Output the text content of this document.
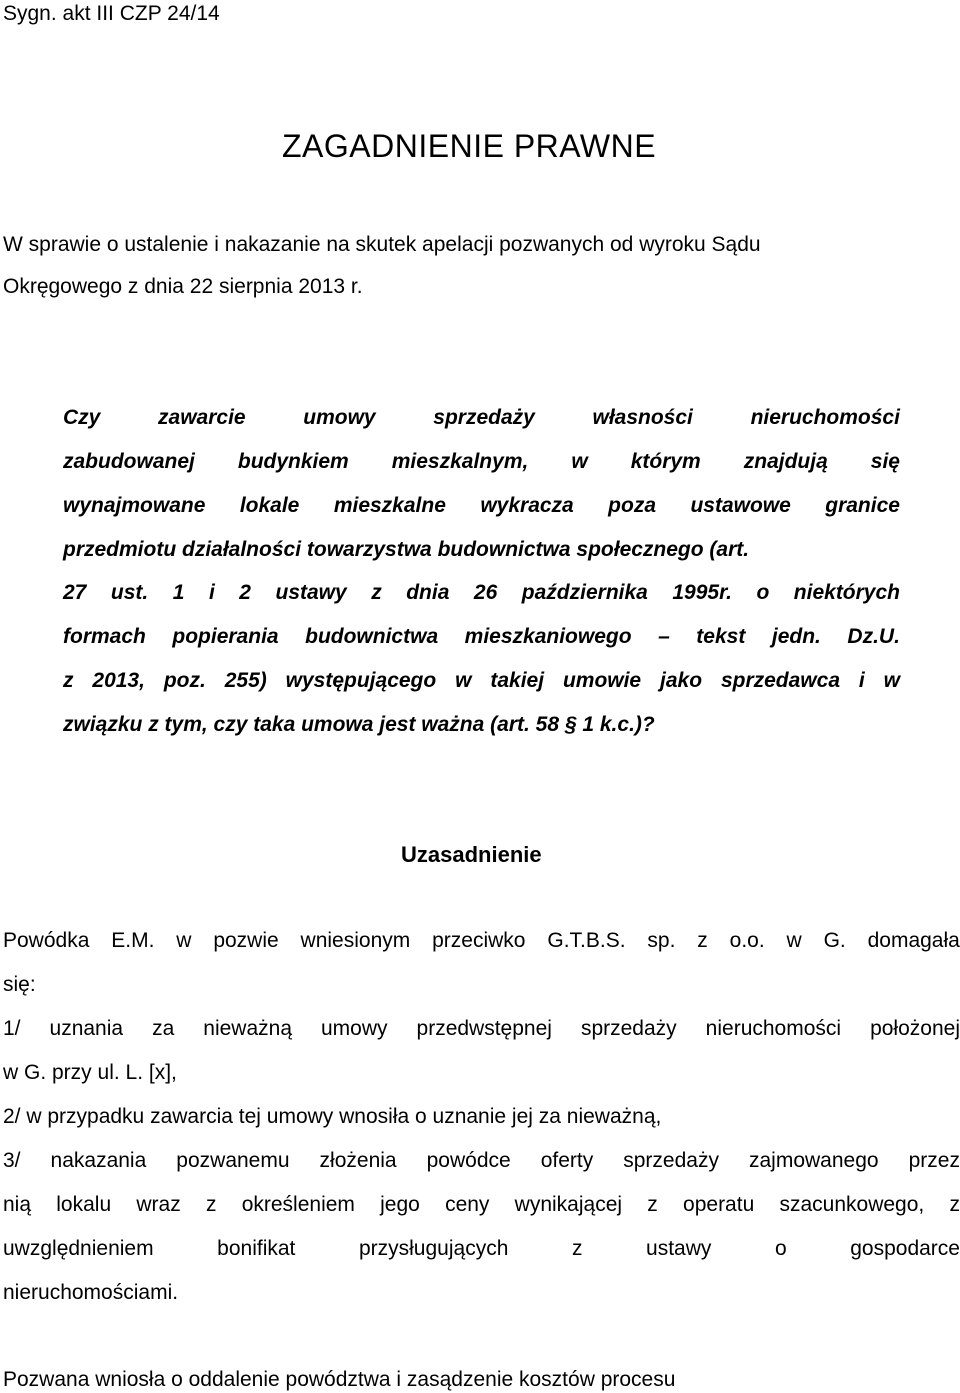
Sygn. akt III CZP 24/14
ZAGADNIENIE PRAWNE
W sprawie o ustalenie i nakazanie na skutek apelacji pozwanych od wyroku Sądu
Okręgowego z dnia 22 sierpnia 2013 r.
Czy	zawarcie	umowy	sprzedaży	własności	nieruchomości
zabudowanej budynkiem mieszkalnym, w którym znajdują się
wynajmowane lokale mieszkalne wykracza poza ustawowe granice
przedmiotu działalności towarzystwa budownictwa społecznego (art.
27 ust. 1 i 2 ustawy z dnia 26 października 1995r. o niektórych
formach popierania budownictwa mieszkaniowego – tekst jedn. Dz.U.
z 2013, poz. 255) występującego w takiej umowie jako sprzedawca i w
związku z tym, czy taka umowa jest ważna (art. 58 § 1 k.c.)?
Uzasadnienie
Powódka E.M. w pozwie wniesionym przeciwko G.T.B.S. sp. z o.o. w G. domagała
się:
1/ uznania za nieważną umowy przedwstępnej sprzedaży nieruchomości położonej
w G. przy ul. L. [x],
2/ w przypadku zawarcia tej umowy wnosiła o uznanie jej za nieważną,
3/ nakazania pozwanemu złożenia powódce oferty sprzedaży zajmowanego przez
nią lokalu wraz z określeniem jego ceny wynikającej z operatu szacunkowego, z
uwzględnieniem	bonifikat	przysługujących	z	ustawy	o	gospodarce
nieruchomościami.
Pozwana wniosła o oddalenie powództwa i zasądzenie kosztów procesu
